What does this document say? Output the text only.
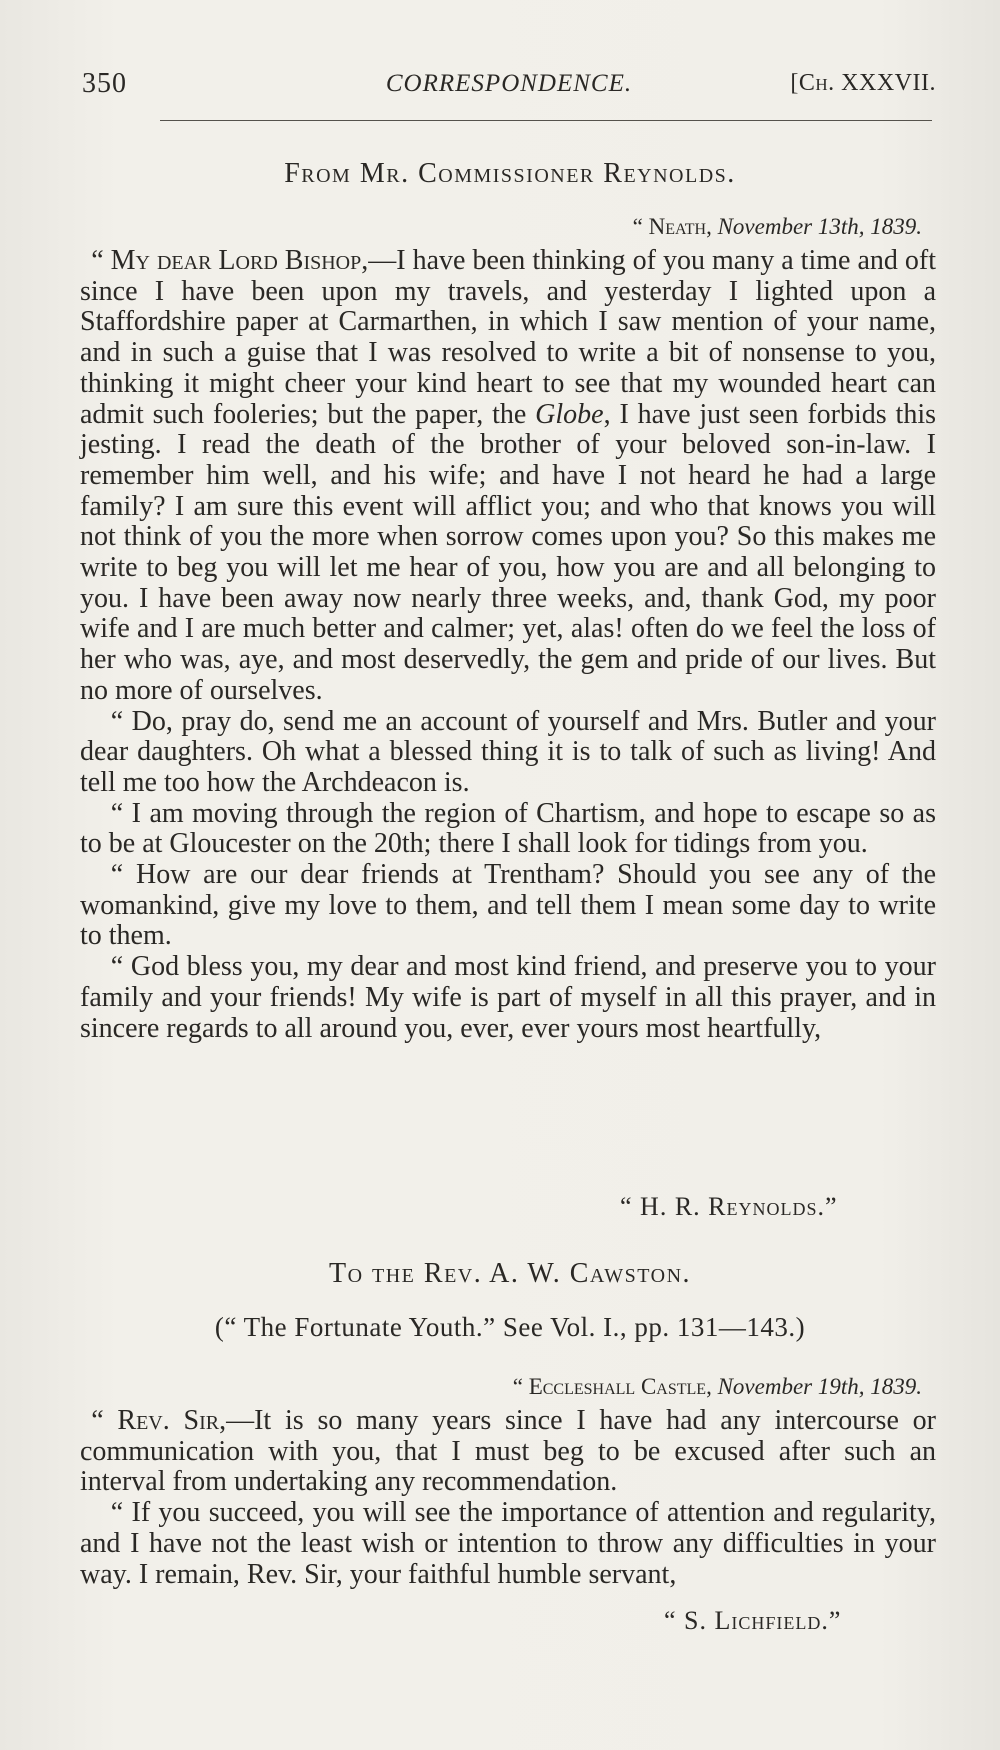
350	CORRESPONDENCE.	[Ch. XXXVII.
From Mr. Commissioner Reynolds.
“ Neath, November 13th, 1839.

“ My dear Lord Bishop,—I have been thinking of you many a time and oft since I have been upon my travels, and yesterday I lighted upon a Staffordshire paper at Carmarthen, in which I saw mention of your name, and in such a guise that I was resolved to write a bit of nonsense to you, thinking it might cheer your kind heart to see that my wounded heart can admit such fooleries; but the paper, the Globe, I have just seen forbids this jesting. I read the death of the brother of your beloved son-in-law. I remember him well, and his wife; and have I not heard he had a large family? I am sure this event will afflict you; and who that knows you will not think of you the more when sorrow comes upon you? So this makes me write to beg you will let me hear of you, how you are and all belonging to you. I have been away now nearly three weeks, and, thank God, my poor wife and I are much better and calmer; yet, alas! often do we feel the loss of her who was, aye, and most deservedly, the gem and pride of our lives. But no more of ourselves.

“ Do, pray do, send me an account of yourself and Mrs. Butler and your dear daughters. Oh what a blessed thing it is to talk of such as living! And tell me too how the Archdeacon is.

“ I am moving through the region of Chartism, and hope to escape so as to be at Gloucester on the 20th; there I shall look for tidings from you.

“ How are our dear friends at Trentham? Should you see any of the womankind, give my love to them, and tell them I mean some day to write to them.

“ God bless you, my dear and most kind friend, and preserve you to your family and your friends! My wife is part of myself in all this prayer, and in sincere regards to all around you, ever, ever yours most heartfully,

“ H. R. Reynolds.”
To the Rev. A. W. Cawston.
(“ The Fortunate Youth.” See Vol. I., pp. 131—143.)
“ Eccleshall Castle, November 19th, 1839.

“ Rev. Sir,—It is so many years since I have had any intercourse or communication with you, that I must beg to be excused after such an interval from undertaking any recommendation.

“ If you succeed, you will see the importance of attention and regularity, and I have not the least wish or intention to throw any difficulties in your way. I remain, Rev. Sir, your faithful humble servant,

“ S. Lichfield.”
